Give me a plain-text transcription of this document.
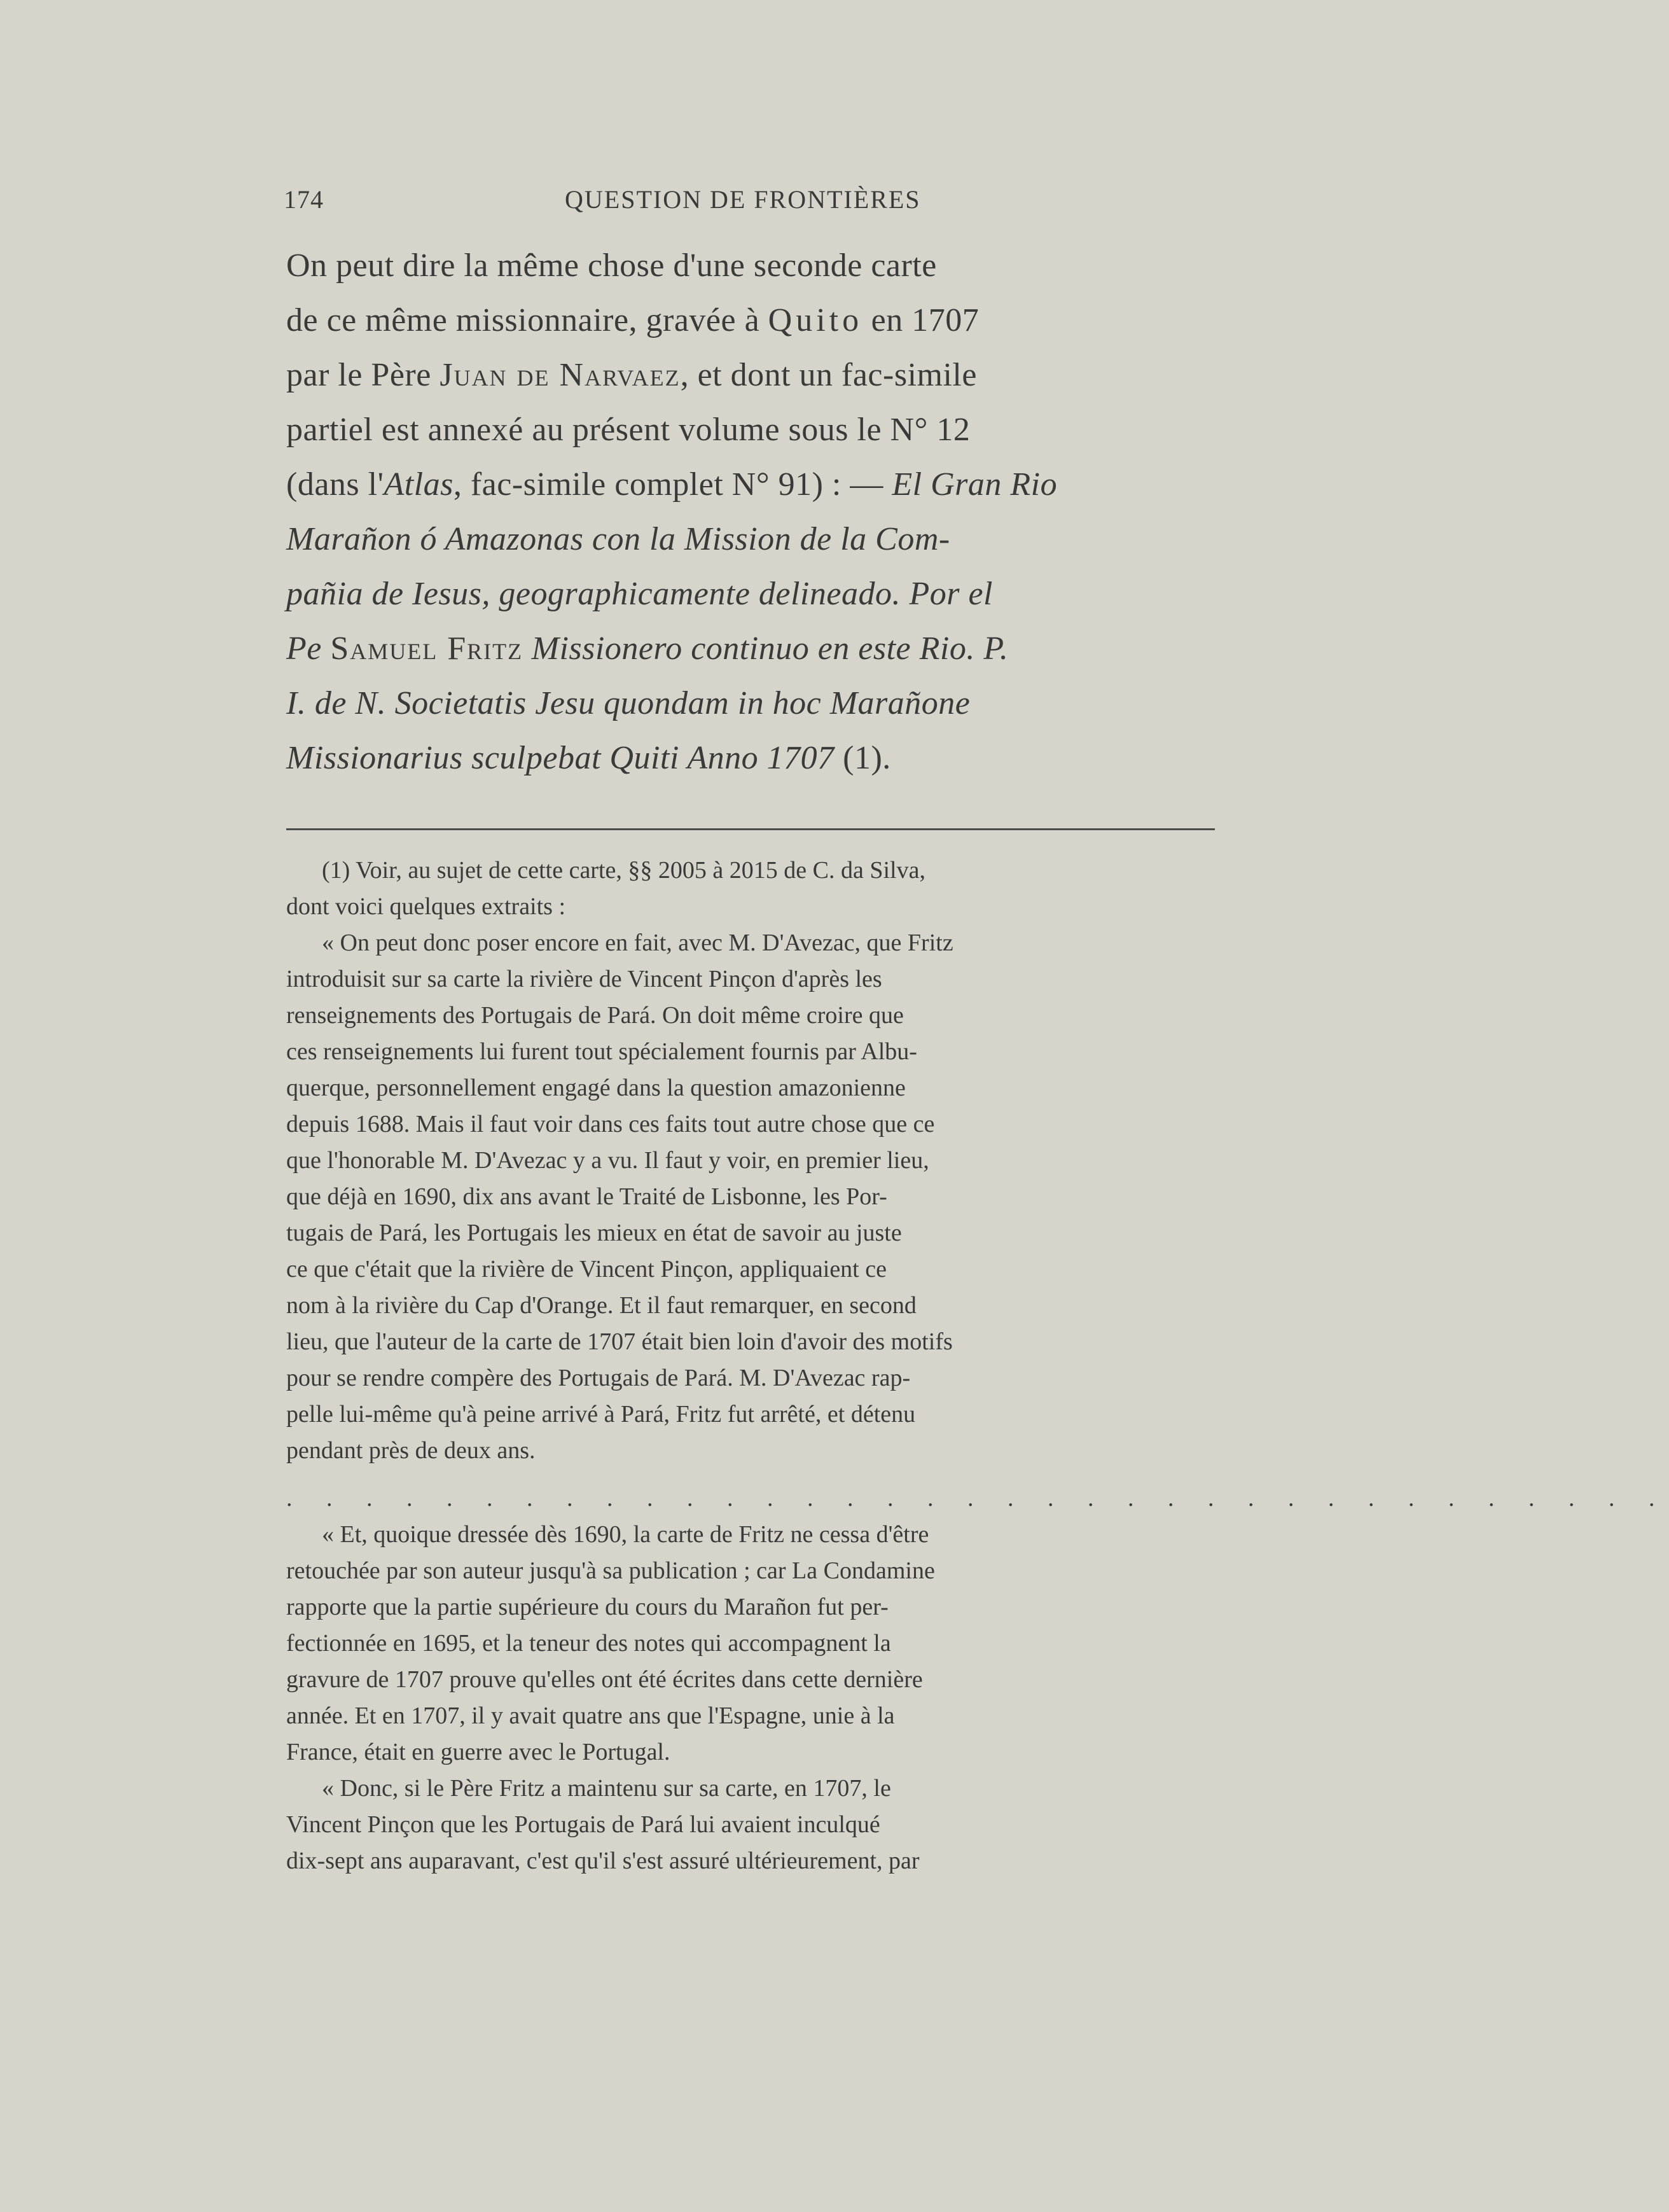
174	QUESTION DE FRONTIÈRES
On peut dire la même chose d'une seconde carte
de ce même missionnaire, gravée à Quito en 1707
par le Père Juan de Narvaez, et dont un fac-simile
partiel est annexé au présent volume sous le N° 12
(dans l'Atlas, fac-simile complet N° 91) : — El Gran Rio
Marañon ó Amazonas con la Mission de la Com-
pañia de Iesus, geographicamente delineado. Por el
Pe Samuel Fritz Missionero continuo en este Rio. P.
I. de N. Societatis Jesu quondam in hoc Marañone
Missionarius sculpebat Quiti Anno 1707 (1).
(1) Voir, au sujet de cette carte, §§ 2005 à 2015 de C. da Silva,
dont voici quelques extraits :
« On peut donc poser encore en fait, avec M. D'Avezac, que Fritz
introduisit sur sa carte la rivière de Vincent Pinçon d'après les
renseignements des Portugais de Pará. On doit même croire que
ces renseignements lui furent tout spécialement fournis par Albu-
querque, personnellement engagé dans la question amazonienne
depuis 1688. Mais il faut voir dans ces faits tout autre chose que ce
que l'honorable M. D'Avezac y a vu. Il faut y voir, en premier lieu,
que déjà en 1690, dix ans avant le Traité de Lisbonne, les Por-
tugais de Pará, les Portugais les mieux en état de savoir au juste
ce que c'était que la rivière de Vincent Pinçon, appliquaient ce
nom à la rivière du Cap d'Orange. Et il faut remarquer, en second
lieu, que l'auteur de la carte de 1707 était bien loin d'avoir des motifs
pour se rendre compère des Portugais de Pará. M. D'Avezac rap-
pelle lui-même qu'à peine arrivé à Pará, Fritz fut arrêté, et détenu
pendant près de deux ans.
. . . . . . . . . . . . . . . . . . . . . . . . . . . . . . . . . . .
« Et, quoique dressée dès 1690, la carte de Fritz ne cessa d'être
retouchée par son auteur jusqu'à sa publication ; car La Condamine
rapporte que la partie supérieure du cours du Marañon fut per-
fectionnée en 1695, et la teneur des notes qui accompagnent la
gravure de 1707 prouve qu'elles ont été écrites dans cette dernière
année. Et en 1707, il y avait quatre ans que l'Espagne, unie à la
France, était en guerre avec le Portugal.
« Donc, si le Père Fritz a maintenu sur sa carte, en 1707, le
Vincent Pinçon que les Portugais de Pará lui avaient inculqué
dix-sept ans auparavant, c'est qu'il s'est assuré ultérieurement, par
